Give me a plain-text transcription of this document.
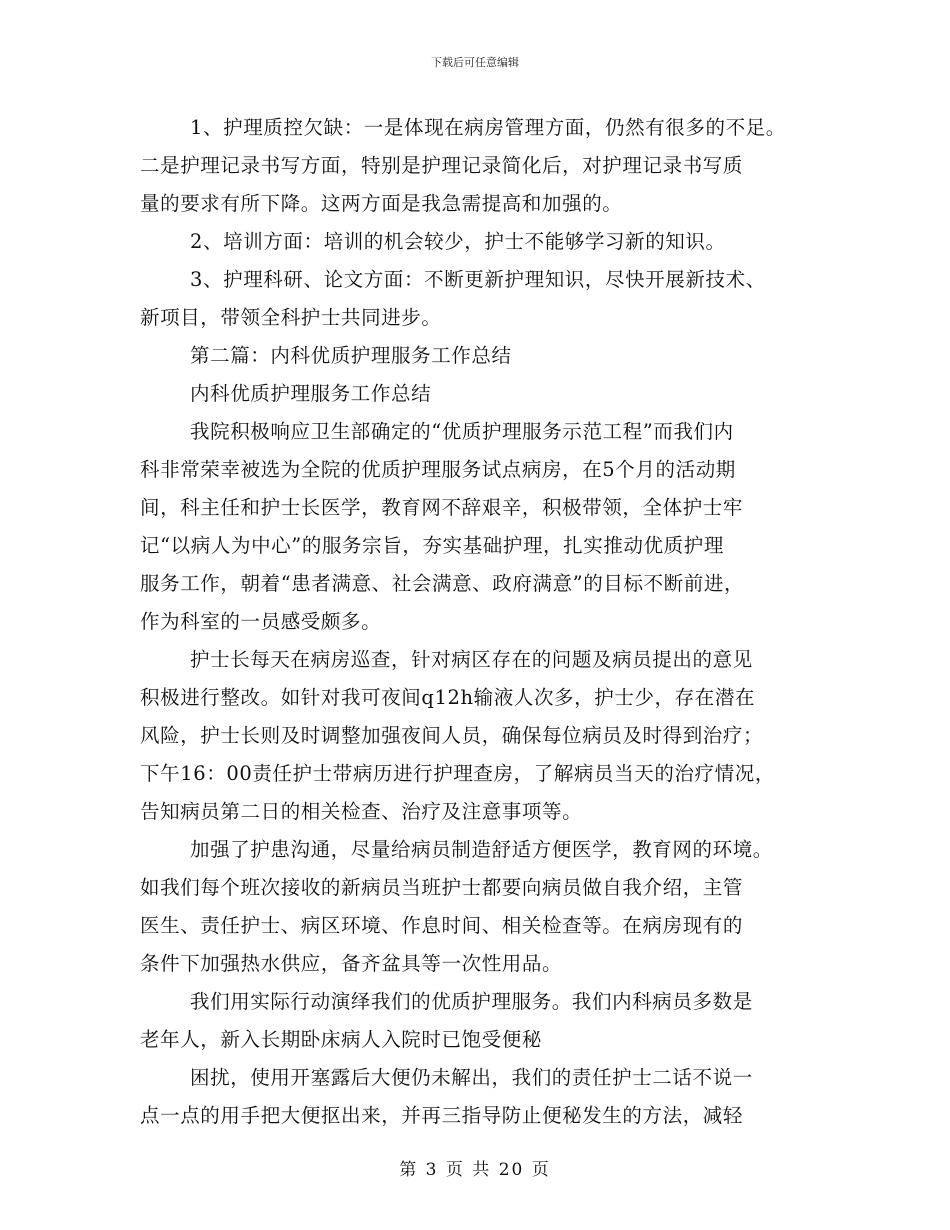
下载后可任意编辑
1、护理质控欠缺：一是体现在病房管理方面，仍然有很多的不足。
二是护理记录书写方面，特别是护理记录简化后，对护理记录书写质
量的要求有所下降。这两方面是我急需提高和加强的。
2、培训方面：培训的机会较少，护士不能够学习新的知识。
3、护理科研、论文方面：不断更新护理知识，尽快开展新技术、
新项目，带领全科护士共同进步。
第二篇：内科优质护理服务工作总结
内科优质护理服务工作总结
我院积极响应卫生部确定的“优质护理服务示范工程”而我们内
科非常荣幸被选为全院的优质护理服务试点病房，在5个月的活动期
间，科主任和护士长医学，教育网不辞艰辛，积极带领，全体护士牢
记“以病人为中心”的服务宗旨，夯实基础护理，扎实推动优质护理
服务工作，朝着“患者满意、社会满意、政府满意”的目标不断前进，
作为科室的一员感受颇多。
护士长每天在病房巡查，针对病区存在的问题及病员提出的意见
积极进行整改。如针对我可夜间q12h输液人次多，护士少，存在潜在
风险，护士长则及时调整加强夜间人员，确保每位病员及时得到治疗；
下午16：00责任护士带病历进行护理查房，了解病员当天的治疗情况，
告知病员第二日的相关检查、治疗及注意事项等。
加强了护患沟通，尽量给病员制造舒适方便医学，教育网的环境。
如我们每个班次接收的新病员当班护士都要向病员做自我介绍，主管
医生、责任护士、病区环境、作息时间、相关检查等。在病房现有的
条件下加强热水供应，备齐盆具等一次性用品。
我们用实际行动演绎我们的优质护理服务。我们内科病员多数是
老年人，新入长期卧床病人入院时已饱受便秘
困扰，使用开塞露后大便仍未解出，我们的责任护士二话不说一
点一点的用手把大便抠出来，并再三指导防止便秘发生的方法，减轻
第 3 页 共 20 页
